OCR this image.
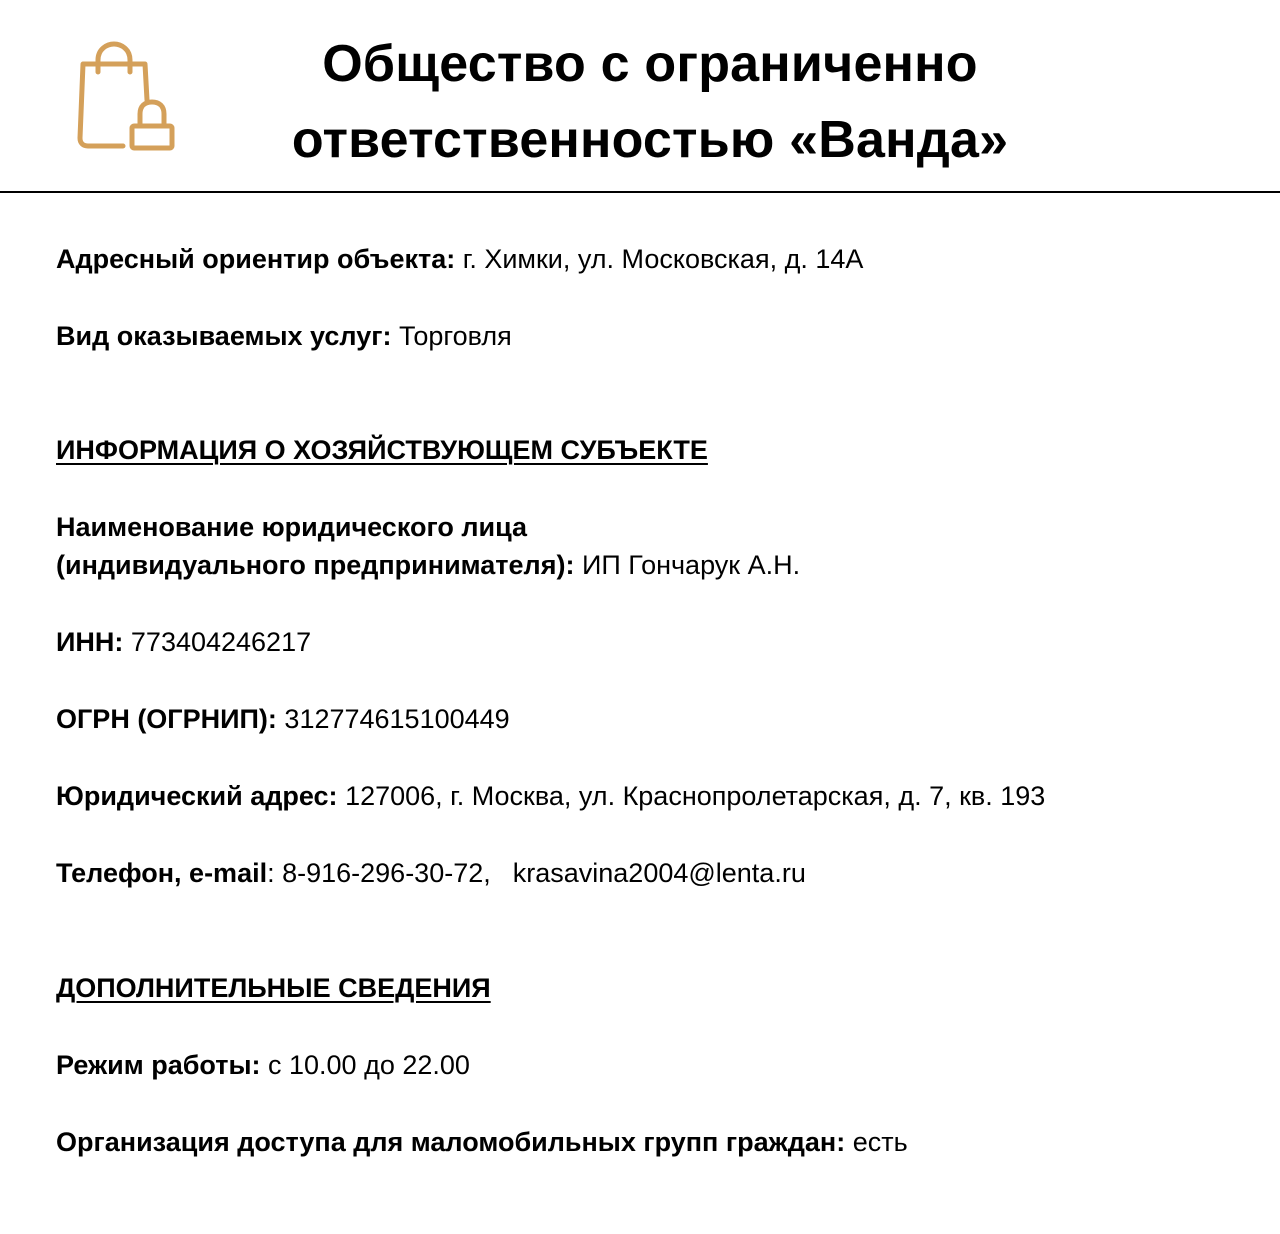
Общество с ограниченно
ответственностью «Ванда»
Адресный ориентир объекта: г. Химки, ул. Московская, д. 14А
Вид оказываемых услуг: Торговля
ИНФОРМАЦИЯ О ХОЗЯЙСТВУЮЩЕМ СУБЪЕКТЕ
Наименование юридического лица
(индивидуального предпринимателя): ИП Гончарук А.Н.
ИНН: 773404246217
ОГРН (ОГРНИП): 312774615100449
Юридический адрес: 127006, г. Москва, ул. Краснопролетарская, д. 7, кв. 193
Телефон, e-mail: 8-916-296-30-72, krasavina2004@lenta.ru
ДОПОЛНИТЕЛЬНЫЕ СВЕДЕНИЯ
Режим работы: с 10.00 до 22.00
Организация доступа для маломобильных групп граждан: есть
